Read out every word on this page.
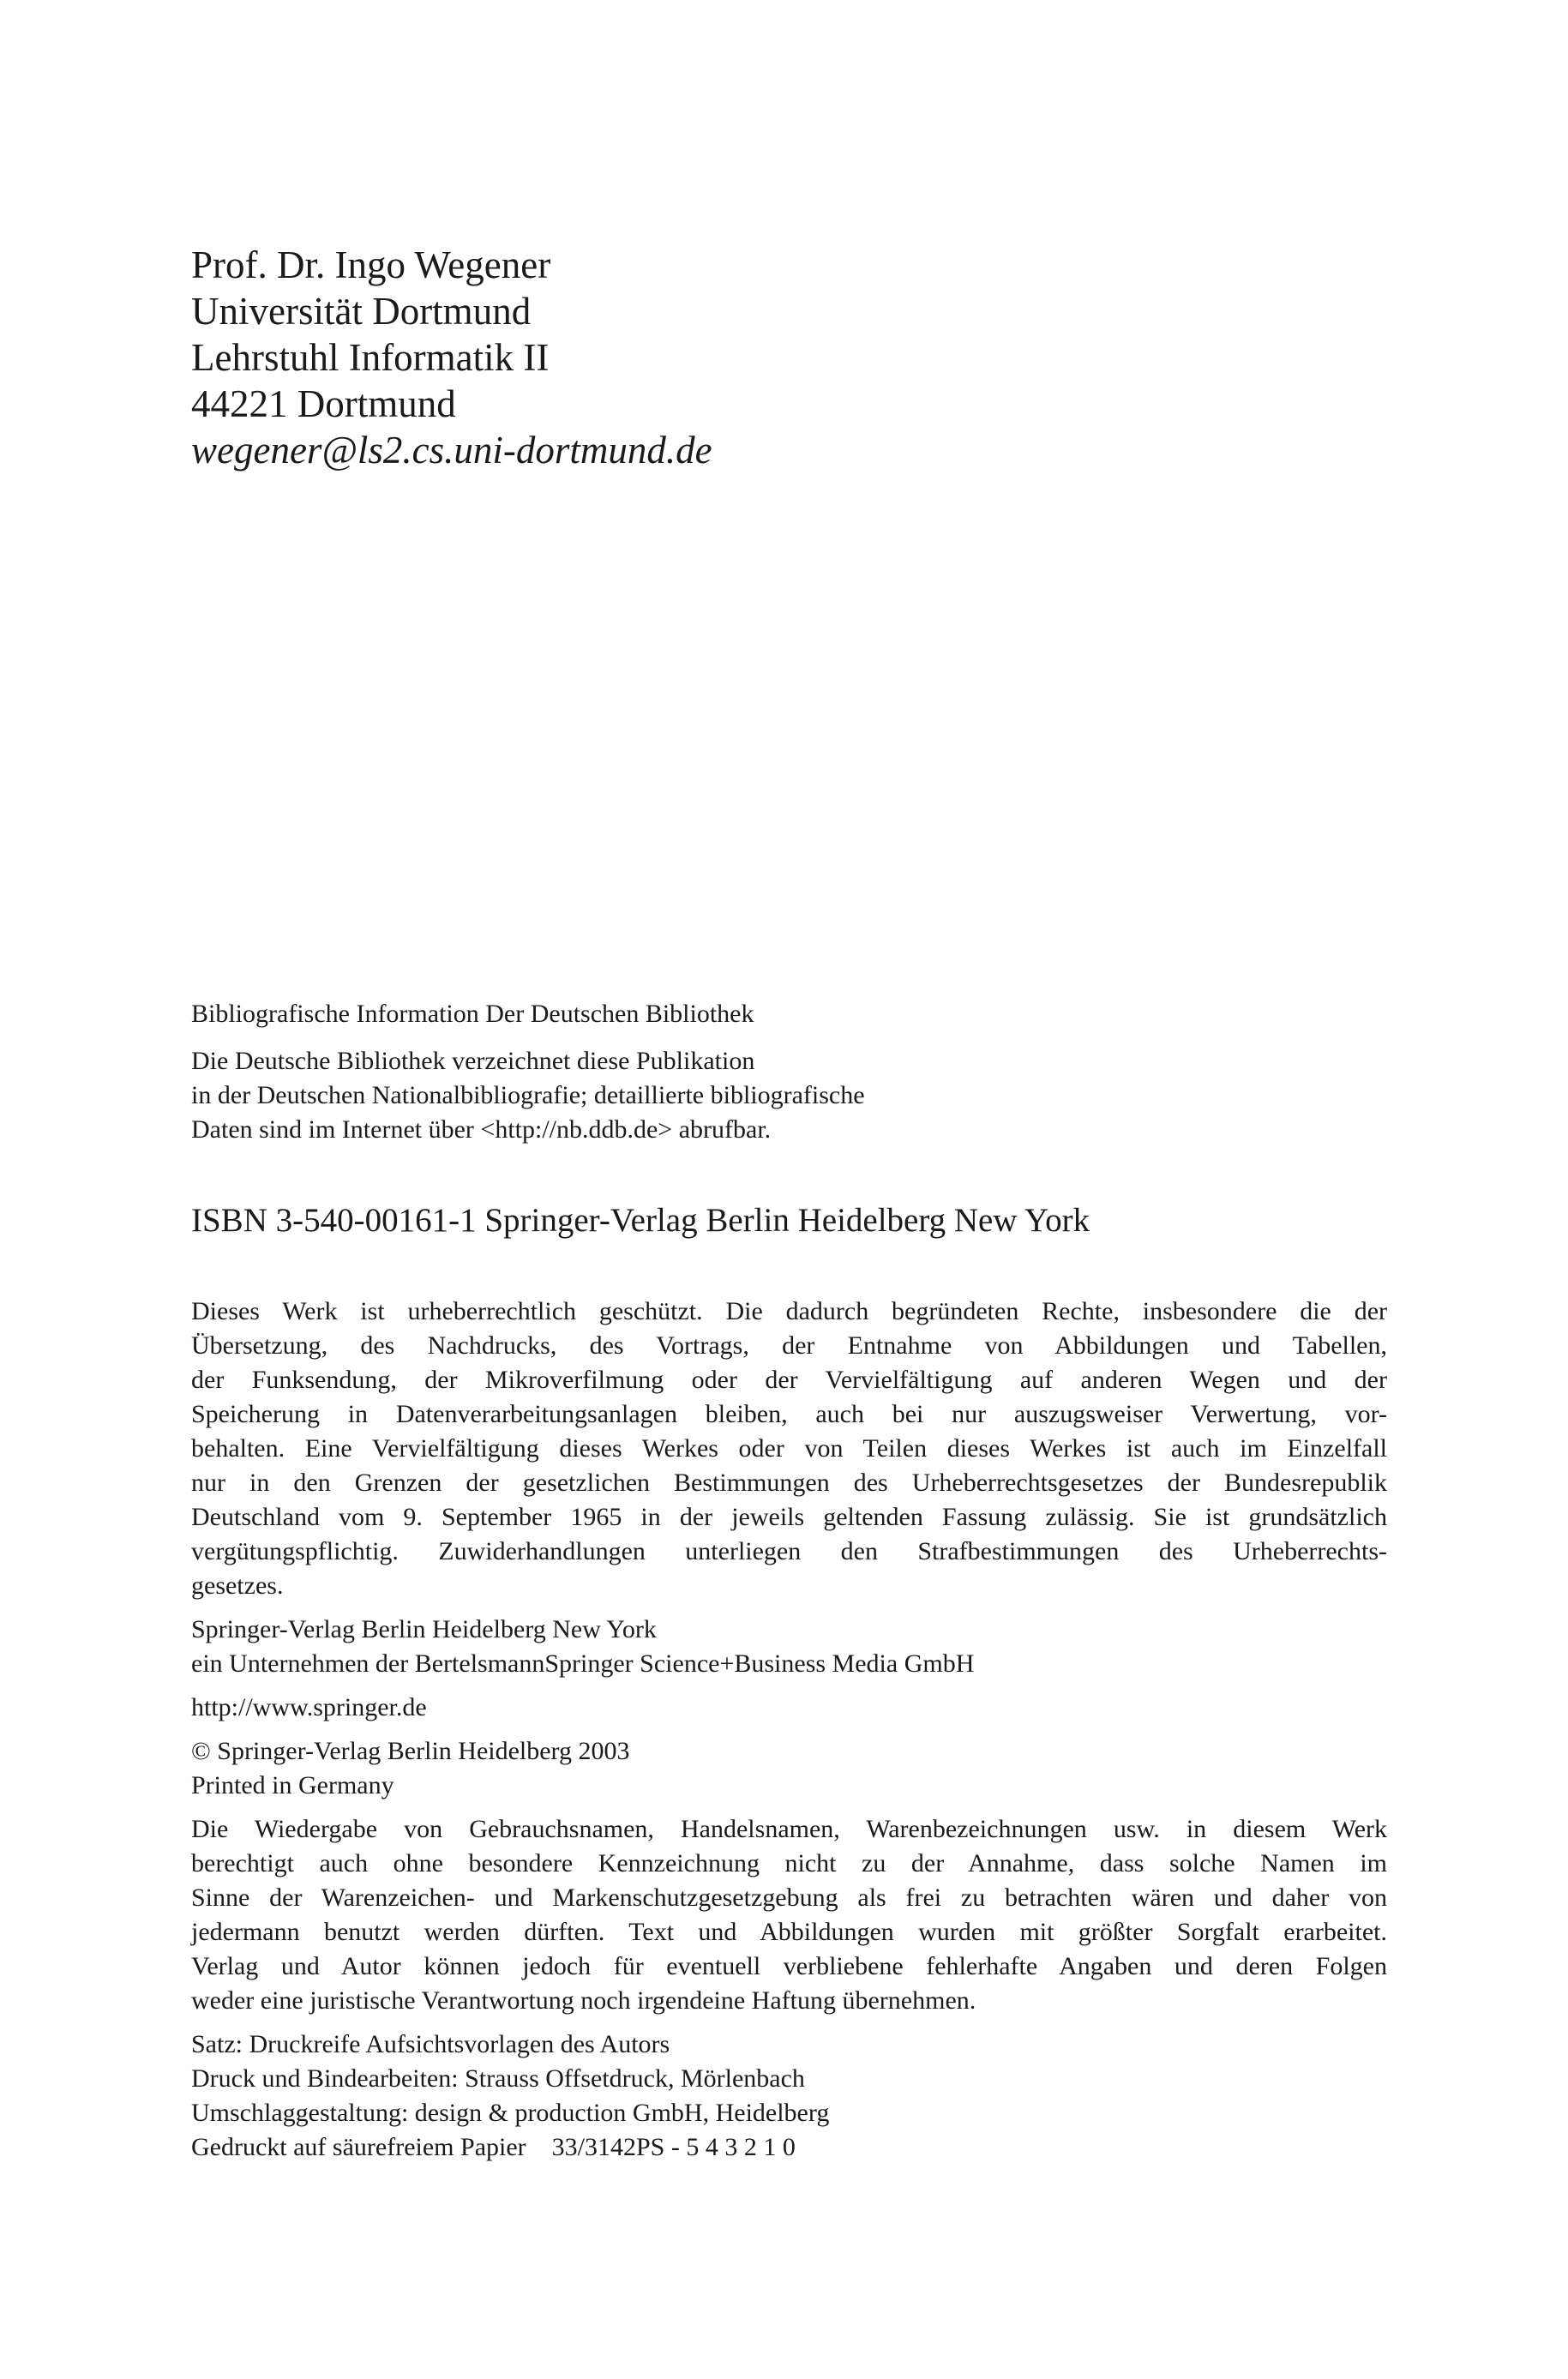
Prof. Dr. Ingo Wegener
Universität Dortmund
Lehrstuhl Informatik II
44221 Dortmund
wegener@ls2.cs.uni-dortmund.de
Bibliografische Information Der Deutschen Bibliothek
Die Deutsche Bibliothek verzeichnet diese Publikation
in der Deutschen Nationalbibliografie; detaillierte bibliografische
Daten sind im Internet über <http://nb.ddb.de> abrufbar.
ISBN 3-540-00161-1 Springer-Verlag Berlin Heidelberg New York

Dieses Werk ist urheberrechtlich geschützt. Die dadurch begründeten Rechte, insbesondere die der
Übersetzung, des Nachdrucks, des Vortrags, der Entnahme von Abbildungen und Tabellen,
der Funksendung, der Mikroverfilmung oder der Vervielfältigung auf anderen Wegen und der
Speicherung in Datenverarbeitungsanlagen bleiben, auch bei nur auszugsweiser Verwertung, vor-
behalten. Eine Vervielfältigung dieses Werkes oder von Teilen dieses Werkes ist auch im Einzelfall
nur in den Grenzen der gesetzlichen Bestimmungen des Urheberrechtsgesetzes der Bundesrepublik
Deutschland vom 9. September 1965 in der jeweils geltenden Fassung zulässig. Sie ist grundsätzlich
vergütungspflichtig. Zuwiderhandlungen unterliegen den Strafbestimmungen des Urheberrechts-
gesetzes.

Springer-Verlag Berlin Heidelberg New York
ein Unternehmen der BertelsmannSpringer Science+Business Media GmbH

http://www.springer.de

© Springer-Verlag Berlin Heidelberg 2003
Printed in Germany

Die Wiedergabe von Gebrauchsnamen, Handelsnamen, Warenbezeichnungen usw. in diesem Werk
berechtigt auch ohne besondere Kennzeichnung nicht zu der Annahme, dass solche Namen im
Sinne der Warenzeichen- und Markenschutzgesetzgebung als frei zu betrachten wären und daher von
jedermann benutzt werden dürften. Text und Abbildungen wurden mit größter Sorgfalt erarbeitet.
Verlag und Autor können jedoch für eventuell verbliebene fehlerhafte Angaben und deren Folgen
weder eine juristische Verantwortung noch irgendeine Haftung übernehmen.

Satz: Druckreife Aufsichtsvorlagen des Autors
Druck und Bindearbeiten: Strauss Offsetdruck, Mörlenbach
Umschlaggestaltung: design & production GmbH, Heidelberg
Gedruckt auf säurefreiem Papier 33/3142PS - 5 4 3 2 1 0
